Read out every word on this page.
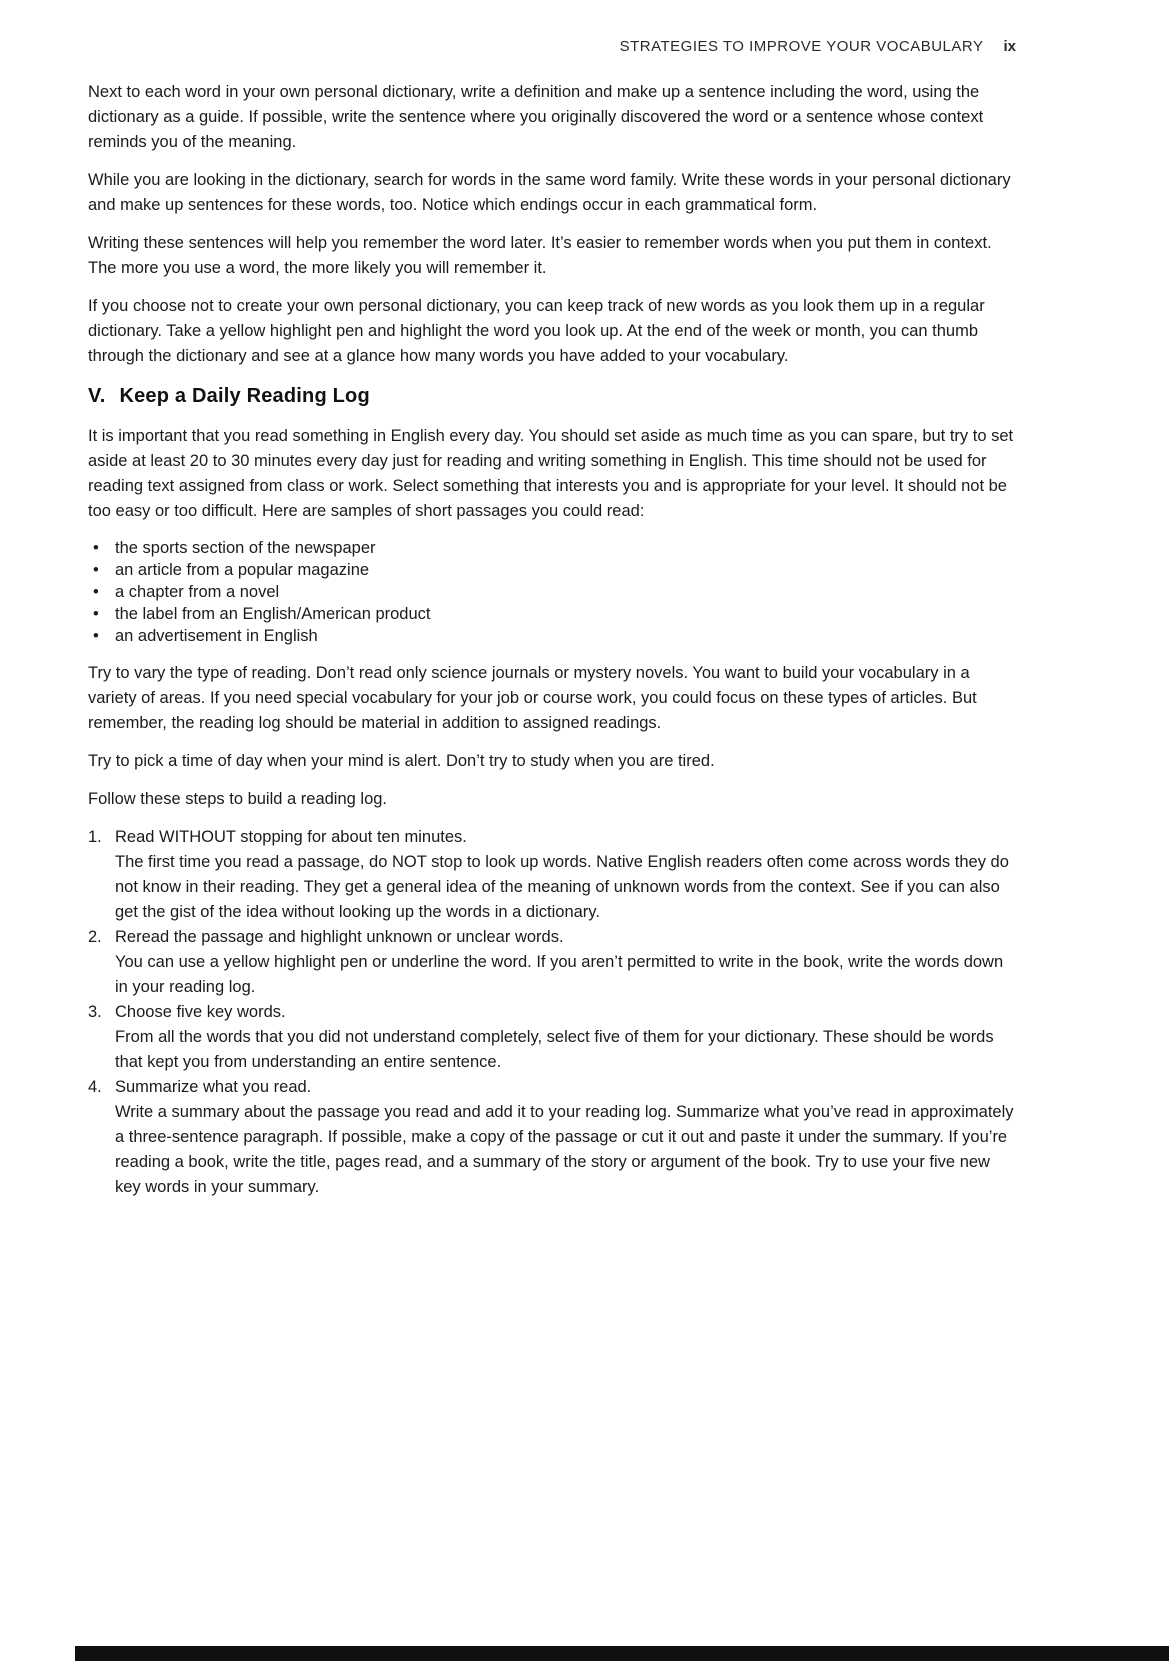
STRATEGIES TO IMPROVE YOUR VOCABULARY ix

Next to each word in your own personal dictionary, write a definition and make up a sentence including the word, using the dictionary as a guide. If possible, write the sentence where you originally discovered the word or a sentence whose context reminds you of the meaning.

While you are looking in the dictionary, search for words in the same word family. Write these words in your personal dictionary and make up sentences for these words, too. Notice which endings occur in each grammatical form.

Writing these sentences will help you remember the word later. It’s easier to remember words when you put them in context. The more you use a word, the more likely you will remember it.

If you choose not to create your own personal dictionary, you can keep track of new words as you look them up in a regular dictionary. Take a yellow highlight pen and highlight the word you look up. At the end of the week or month, you can thumb through the dictionary and see at a glance how many words you have added to your vocabulary.

V. Keep a Daily Reading Log

It is important that you read something in English every day. You should set aside as much time as you can spare, but try to set aside at least 20 to 30 minutes every day just for reading and writing something in English. This time should not be used for reading text assigned from class or work. Select something that interests you and is appropriate for your level. It should not be too easy or too difficult. Here are samples of short passages you could read:

• the sports section of the newspaper
• an article from a popular magazine
• a chapter from a novel
• the label from an English/American product
• an advertisement in English

Try to vary the type of reading. Don’t read only science journals or mystery novels. You want to build your vocabulary in a variety of areas. If you need special vocabulary for your job or course work, you could focus on these types of articles. But remember, the reading log should be material in addition to assigned readings.

Try to pick a time of day when your mind is alert. Don’t try to study when you are tired.

Follow these steps to build a reading log.

1. Read WITHOUT stopping for about ten minutes.
The first time you read a passage, do NOT stop to look up words. Native English readers often come across words they do not know in their reading. They get a general idea of the meaning of unknown words from the context. See if you can also get the gist of the idea without looking up the words in a dictionary.
2. Reread the passage and highlight unknown or unclear words.
You can use a yellow highlight pen or underline the word. If you aren’t permitted to write in the book, write the words down in your reading log.
3. Choose five key words.
From all the words that you did not understand completely, select five of them for your dictionary. These should be words that kept you from understanding an entire sentence.
4. Summarize what you read.
Write a summary about the passage you read and add it to your reading log. Summarize what you’ve read in approximately a three-sentence paragraph. If possible, make a copy of the passage or cut it out and paste it under the summary. If you’re reading a book, write the title, pages read, and a summary of the story or argument of the book. Try to use your five new key words in your summary.
